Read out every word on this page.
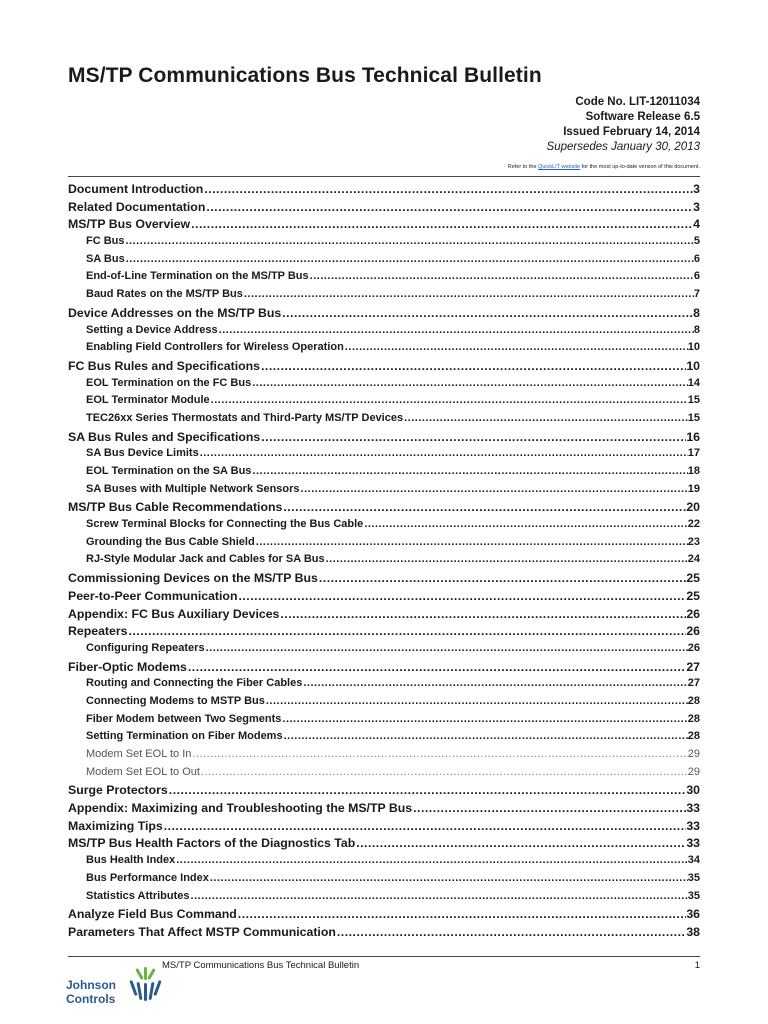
MS/TP Communications Bus Technical Bulletin
Code No. LIT-12011034
Software Release 6.5
Issued February 14, 2014
Supersedes January 30, 2013
Refer to the QuickLIT website for the most up-to-date version of this document.
Document Introduction .....	3
Related Documentation .....	3
MS/TP Bus Overview .....	4
FC Bus .....	5
SA Bus .....	6
End-of-Line Termination on the MS/TP Bus .....	6
Baud Rates on the MS/TP Bus .....	7
Device Addresses on the MS/TP Bus .....	8
Setting a Device Address .....	8
Enabling Field Controllers for Wireless Operation .....	10
FC Bus Rules and Specifications .....	10
EOL Termination on the FC Bus .....	14
EOL Terminator Module .....	15
TEC26xx Series Thermostats and Third-Party MS/TP Devices .....	15
SA Bus Rules and Specifications .....	16
SA Bus Device Limits .....	17
EOL Termination on the SA Bus .....	18
SA Buses with Multiple Network Sensors .....	19
MS/TP Bus Cable Recommendations .....	20
Screw Terminal Blocks for Connecting the Bus Cable .....	22
Grounding the Bus Cable Shield .....	23
RJ-Style Modular Jack and Cables for SA Bus .....	24
Commissioning Devices on the MS/TP Bus .....	25
Peer-to-Peer Communication .....	25
Appendix: FC Bus Auxiliary Devices .....	26
Repeaters .....	26
Configuring Repeaters .....	26
Fiber-Optic Modems .....	27
Routing and Connecting the Fiber Cables .....	27
Connecting Modems to MSTP Bus .....	28
Fiber Modem between Two Segments .....	28
Setting Termination on Fiber Modems .....	28
Modem Set EOL to In .....	29
Modem Set EOL to Out .....	29
Surge Protectors .....	30
Appendix: Maximizing and Troubleshooting the MS/TP Bus .....	33
Maximizing Tips .....	33
MS/TP Bus Health Factors of the Diagnostics Tab .....	33
Bus Health Index .....	34
Bus Performance Index .....	35
Statistics Attributes .....	35
Analyze Field Bus Command .....	36
Parameters That Affect MSTP Communication .....	38
MS/TP Communications Bus Technical Bulletin	1
Johnson
Controls
